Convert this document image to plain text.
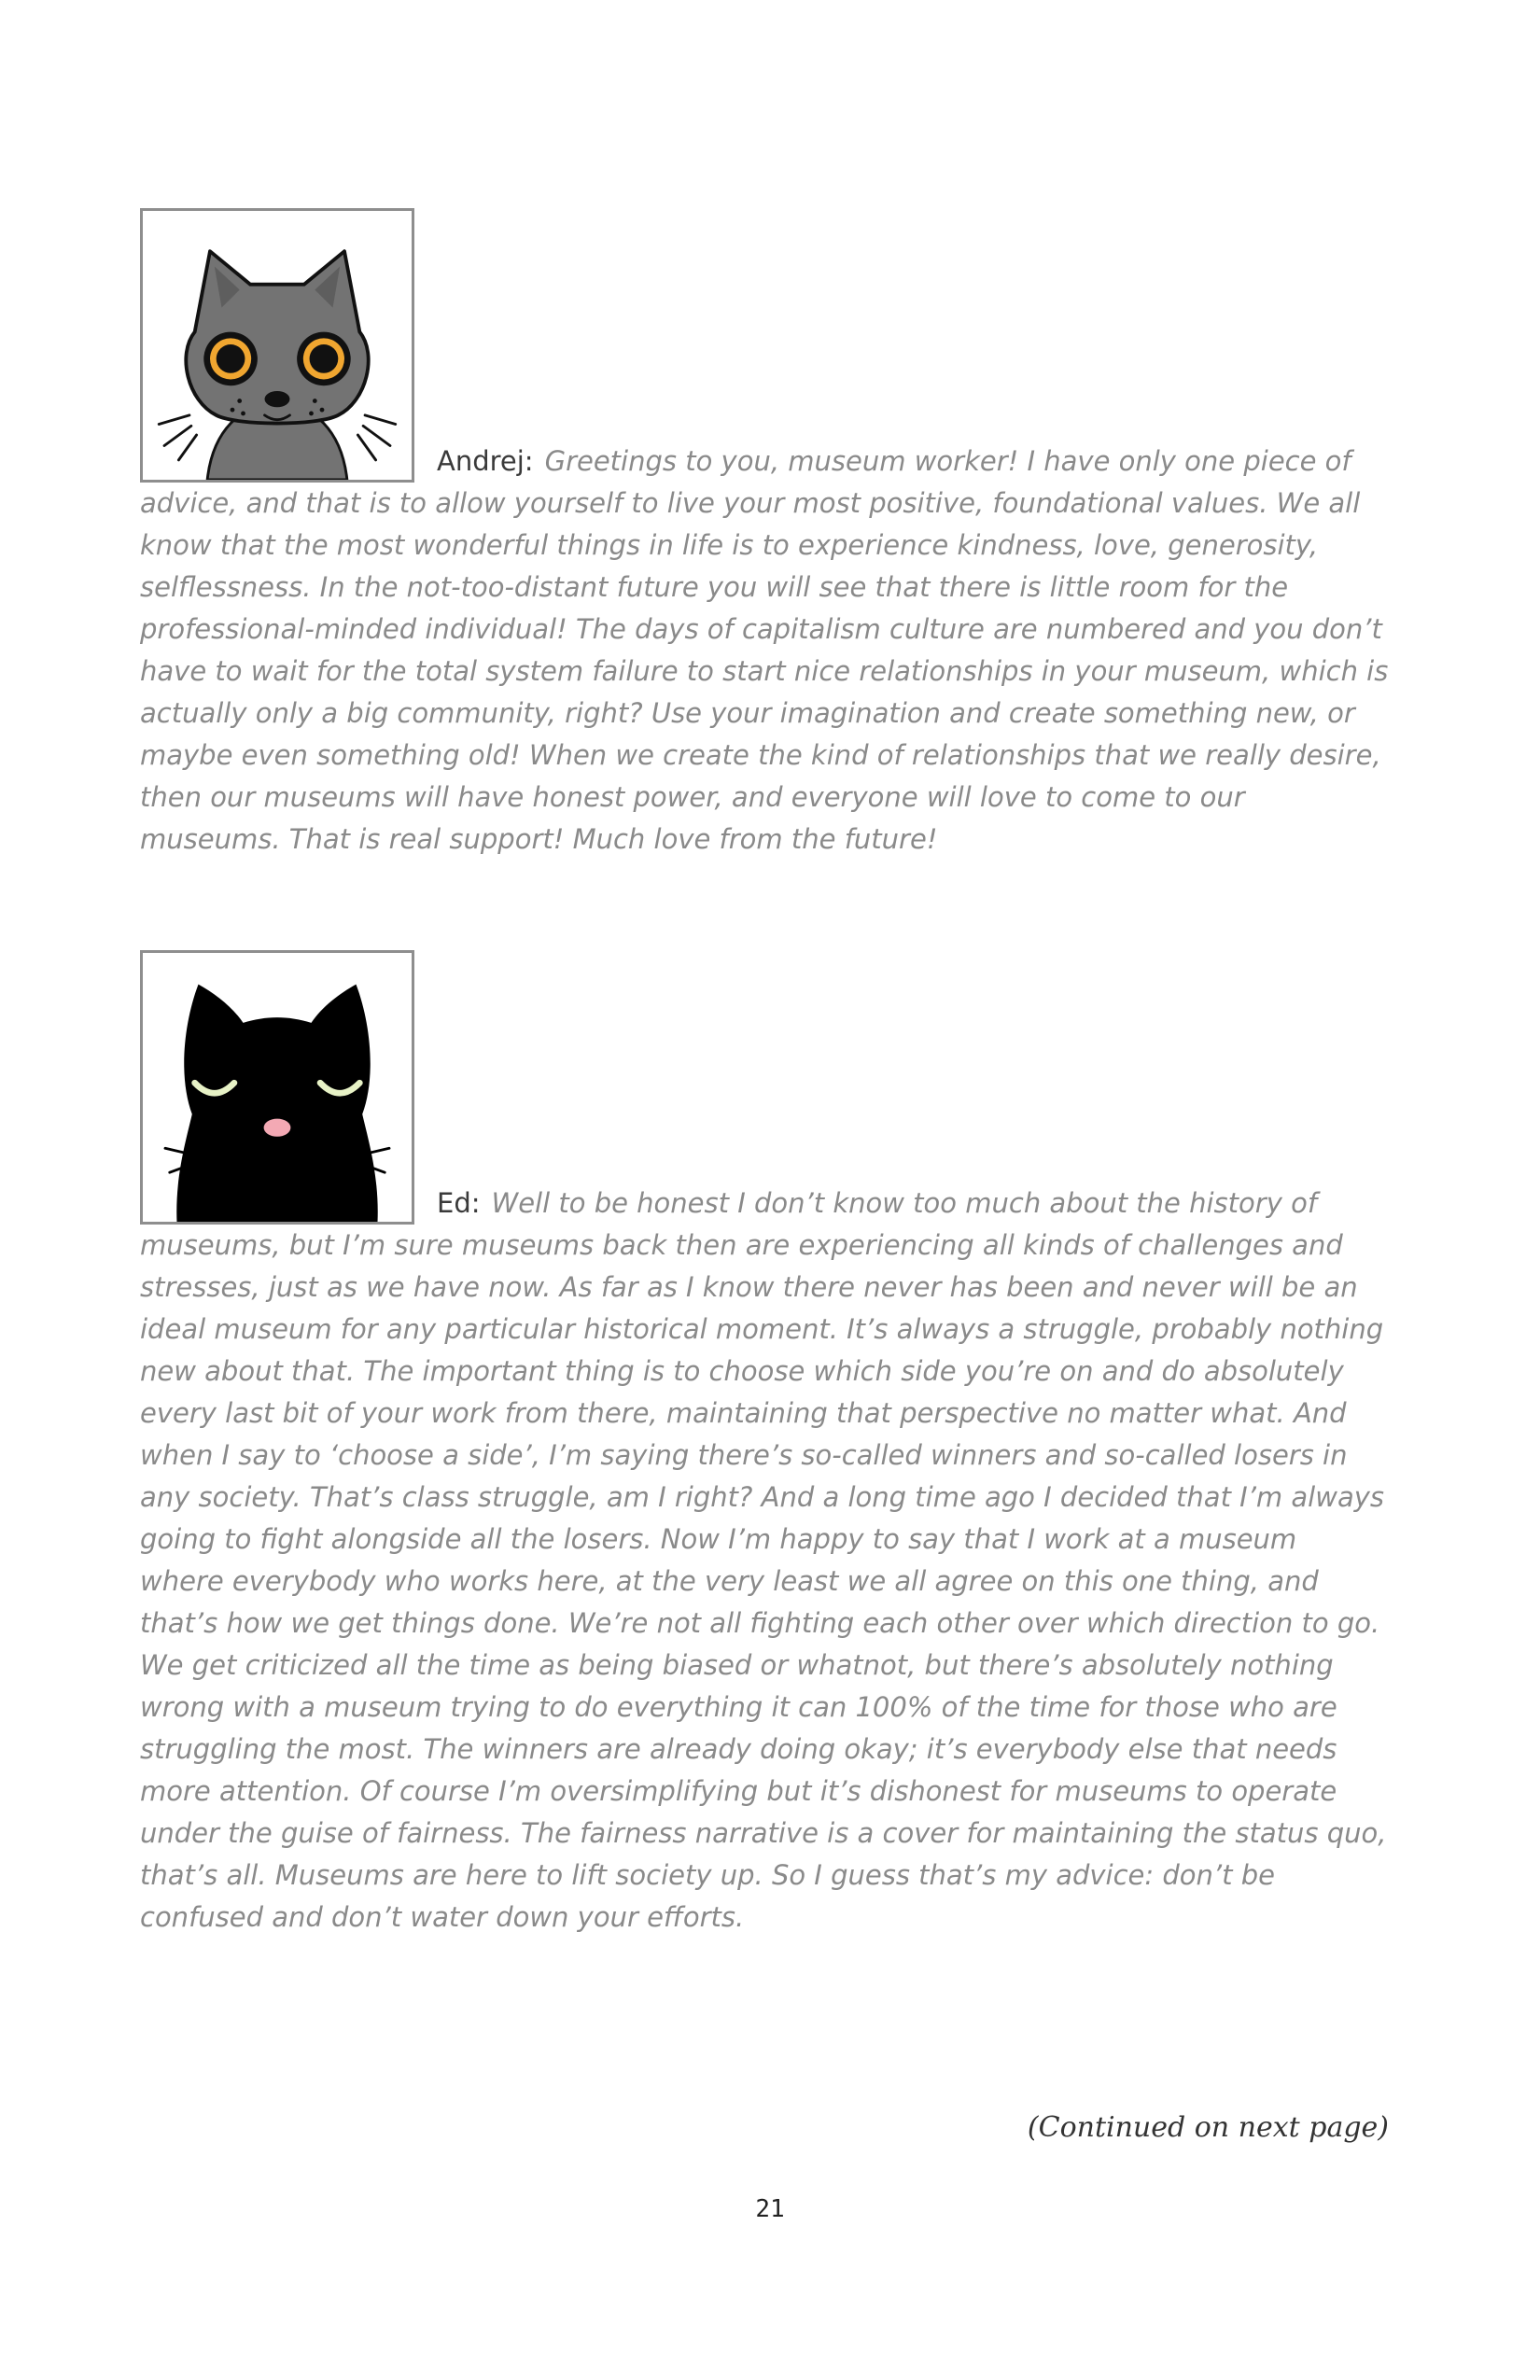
Andrej: Greetings to you, museum worker! I have only one piece of advice, and that is to allow yourself to live your most positive, foundational values. We all know that the most wonderful things in life is to experience kindness, love, generosity, selflessness. In the not-too-distant future you will see that there is little room for the professional-minded individual! The days of capitalism culture are numbered and you don’t have to wait for the total system failure to start nice relationships in your museum, which is actually only a big community, right? Use your imagination and create something new, or maybe even something old! When we create the kind of relationships that we really desire, then our museums will have honest power, and everyone will love to come to our museums. That is real support! Much love from the future!

Ed: Well to be honest I don’t know too much about the history of museums, but I’m sure museums back then are experiencing all kinds of challenges and stresses, just as we have now. As far as I know there never has been and never will be an ideal museum for any particular historical moment. It’s always a struggle, probably nothing new about that. The important thing is to choose which side you’re on and do absolutely every last bit of your work from there, maintaining that perspective no matter what. And when I say to ‘choose a side’, I’m saying there’s so-called winners and so-called losers in any society. That’s class struggle, am I right? And a long time ago I decided that I’m always going to fight alongside all the losers. Now I’m happy to say that I work at a museum where everybody who works here, at the very least we all agree on this one thing, and that’s how we get things done. We’re not all fighting each other over which direction to go. We get criticized all the time as being biased or whatnot, but there’s absolutely nothing wrong with a museum trying to do everything it can 100% of the time for those who are struggling the most. The winners are already doing okay; it’s everybody else that needs more attention. Of course I’m oversimplifying but it’s dishonest for museums to operate under the guise of fairness. The fairness narrative is a cover for maintaining the status quo, that’s all. Museums are here to lift society up. So I guess that’s my advice: don’t be confused and don’t water down your efforts.

(Continued on next page)
21
